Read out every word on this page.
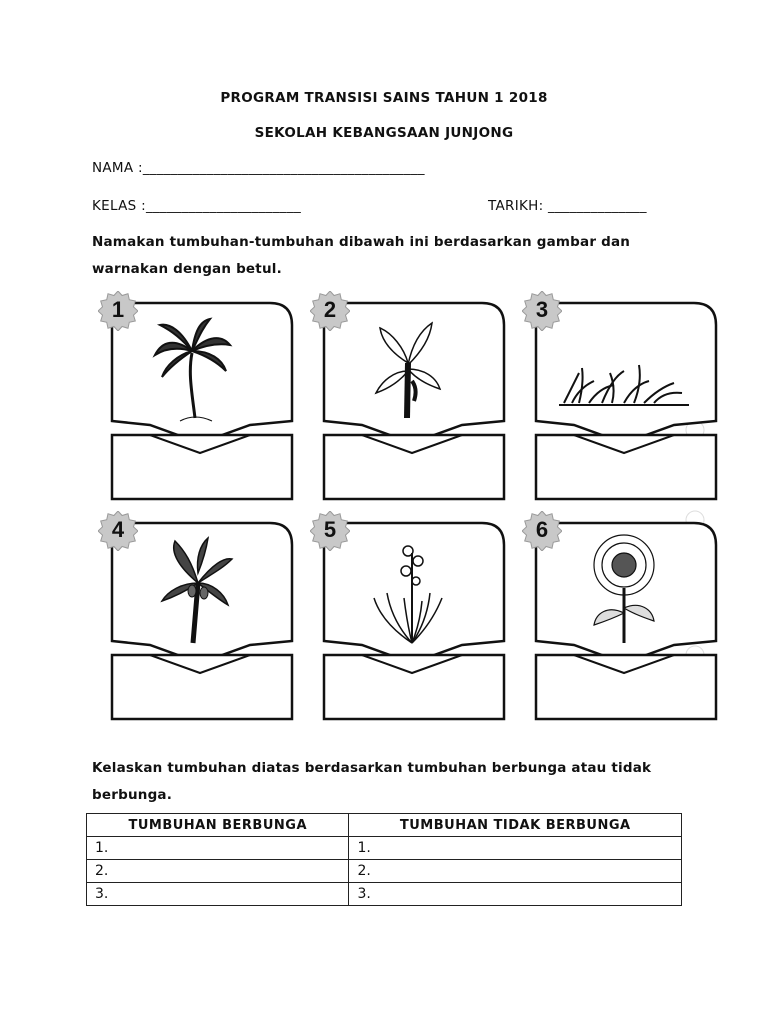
PROGRAM TRANSISI SAINS TAHUN 1 2018
SEKOLAH KEBANGSAAN JUNJONG
NAMA :________________________________________
KELAS :______________________	TARIKH: ______________
Namakan tumbuhan-tumbuhan dibawah ini berdasarkan gambar dan warnakan dengan betul.
1	2	3
4	5	6
Kelaskan tumbuhan diatas berdasarkan tumbuhan berbunga atau tidak berbunga.
TUMBUHAN BERBUNGA	TUMBUHAN TIDAK BERBUNGA
1.	1.
2.	2.
3.	3.
